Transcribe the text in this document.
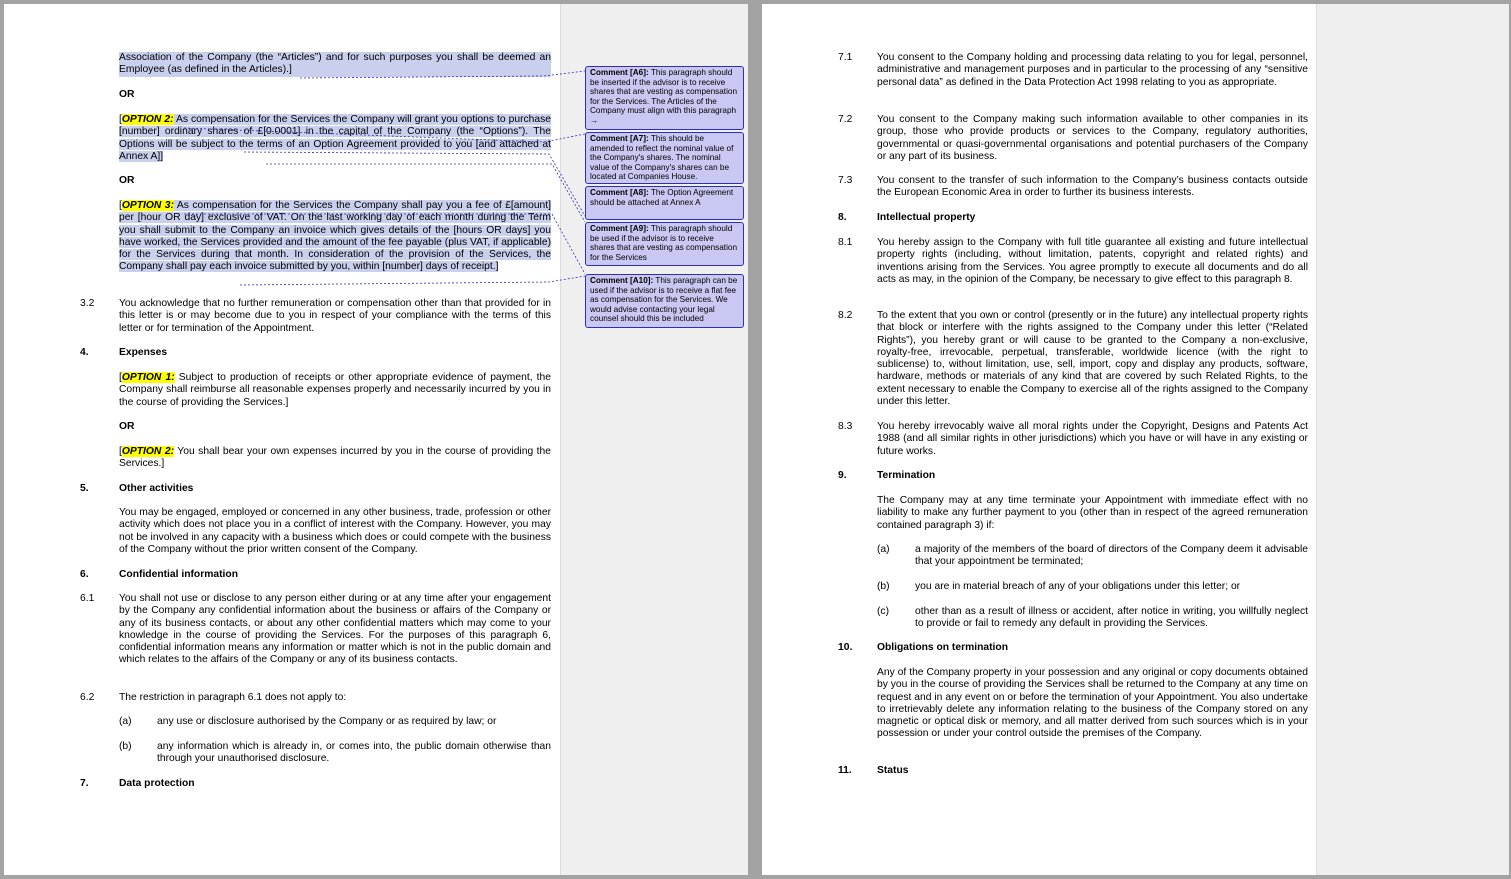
Association of the Company (the “Articles”) and for such purposes you shall be deemed an Employee (as defined in the Articles).]
OR
[OPTION 2: As compensation for the Services the Company will grant you options to purchase [number] ordinary shares of £[0.0001] in the capital of the Company (the “Options”). The Options will be subject to the terms of an Option Agreement provided to you [and attached at Annex A]]
OR
[OPTION 3: As compensation for the Services the Company shall pay you a fee of £[amount] per [hour OR day] exclusive of VAT. On the last working day of each month during the Term you shall submit to the Company an invoice which gives details of the [hours OR days] you have worked, the Services provided and the amount of the fee payable (plus VAT, if applicable) for the Services during that month. In consideration of the provision of the Services, the Company shall pay each invoice submitted by you, within [number] days of receipt.]
3.2 You acknowledge that no further remuneration or compensation other than that provided for in this letter is or may become due to you in respect of your compliance with the terms of this letter or for termination of the Appointment.
4.	Expenses
[OPTION 1: Subject to production of receipts or other appropriate evidence of payment, the Company shall reimburse all reasonable expenses properly and necessarily incurred by you in the course of providing the Services.]
OR
[OPTION 2: You shall bear your own expenses incurred by you in the course of providing the Services.]
5.	Other activities
You may be engaged, employed or concerned in any other business, trade, profession or other activity which does not place you in a conflict of interest with the Company. However, you may not be involved in any capacity with a business which does or could compete with the business of the Company without the prior written consent of the Company.
6.	Confidential information
6.1 You shall not use or disclose to any person either during or at any time after your engagement by the Company any confidential information about the business or affairs of the Company or any of its business contacts, or about any other confidential matters which may come to your knowledge in the course of providing the Services. For the purposes of this paragraph 6, confidential information means any information or matter which is not in the public domain and which relates to the affairs of the Company or any of its business contacts.
6.2 The restriction in paragraph 6.1 does not apply to:
(a) any use or disclosure authorised by the Company or as required by law; or
(b) any information which is already in, or comes into, the public domain otherwise than through your unauthorised disclosure.
7.	Data protection
Comment [A6]: This paragraph should be inserted if the advisor is to receive shares that are vesting as compensation for the Services. The Articles of the Company must align with this paragraph →
Comment [A7]: This should be amended to reflect the nominal value of the Company's shares. The nominal value of the Company's shares can be located at Companies House.
Comment [A8]: The Option Agreement should be attached at Annex A
Comment [A9]: This paragraph should be used if the advisor is to receive shares that are vesting as compensation for the Services
Comment [A10]: This paragraph can be used if the advisor is to receive a flat fee as compensation for the Services. We would advise contacting your legal counsel should this be included
7.1 You consent to the Company holding and processing data relating to you for legal, personnel, administrative and management purposes and in particular to the processing of any “sensitive personal data” as defined in the Data Protection Act 1998 relating to you as appropriate.
7.2 You consent to the Company making such information available to other companies in its group, those who provide products or services to the Company, regulatory authorities, governmental or quasi-governmental organisations and potential purchasers of the Company or any part of its business.
7.3 You consent to the transfer of such information to the Company’s business contacts outside the European Economic Area in order to further its business interests.
8.	Intellectual property
8.1 You hereby assign to the Company with full title guarantee all existing and future intellectual property rights (including, without limitation, patents, copyright and related rights) and inventions arising from the Services. You agree promptly to execute all documents and do all acts as may, in the opinion of the Company, be necessary to give effect to this paragraph 8.
8.2 To the extent that you own or control (presently or in the future) any intellectual property rights that block or interfere with the rights assigned to the Company under this letter (“Related Rights”), you hereby grant or will cause to be granted to the Company a non-exclusive, royalty-free, irrevocable, perpetual, transferable, worldwide licence (with the right to sublicense) to, without limitation, use, sell, import, copy and display any products, software, hardware, methods or materials of any kind that are covered by such Related Rights, to the extent necessary to enable the Company to exercise all of the rights assigned to the Company under this letter.
8.3 You hereby irrevocably waive all moral rights under the Copyright, Designs and Patents Act 1988 (and all similar rights in other jurisdictions) which you have or will have in any existing or future works.
9.	Termination
The Company may at any time terminate your Appointment with immediate effect with no liability to make any further payment to you (other than in respect of the agreed remuneration contained paragraph 3) if:
(a) a majority of the members of the board of directors of the Company deem it advisable that your appointment be terminated;
(b) you are in material breach of any of your obligations under this letter; or
(c)	other than as a result of illness or accident, after notice in writing, you willfully neglect to provide or fail to remedy any default in providing the Services.
10. Obligations on termination
Any of the Company property in your possession and any original or copy documents obtained by you in the course of providing the Services shall be returned to the Company at any time on request and in any event on or before the termination of your Appointment. You also undertake to irretrievably delete any information relating to the business of the Company stored on any magnetic or optical disk or memory, and all matter derived from such sources which is in your possession or under your control outside the premises of the Company.
11. Status
